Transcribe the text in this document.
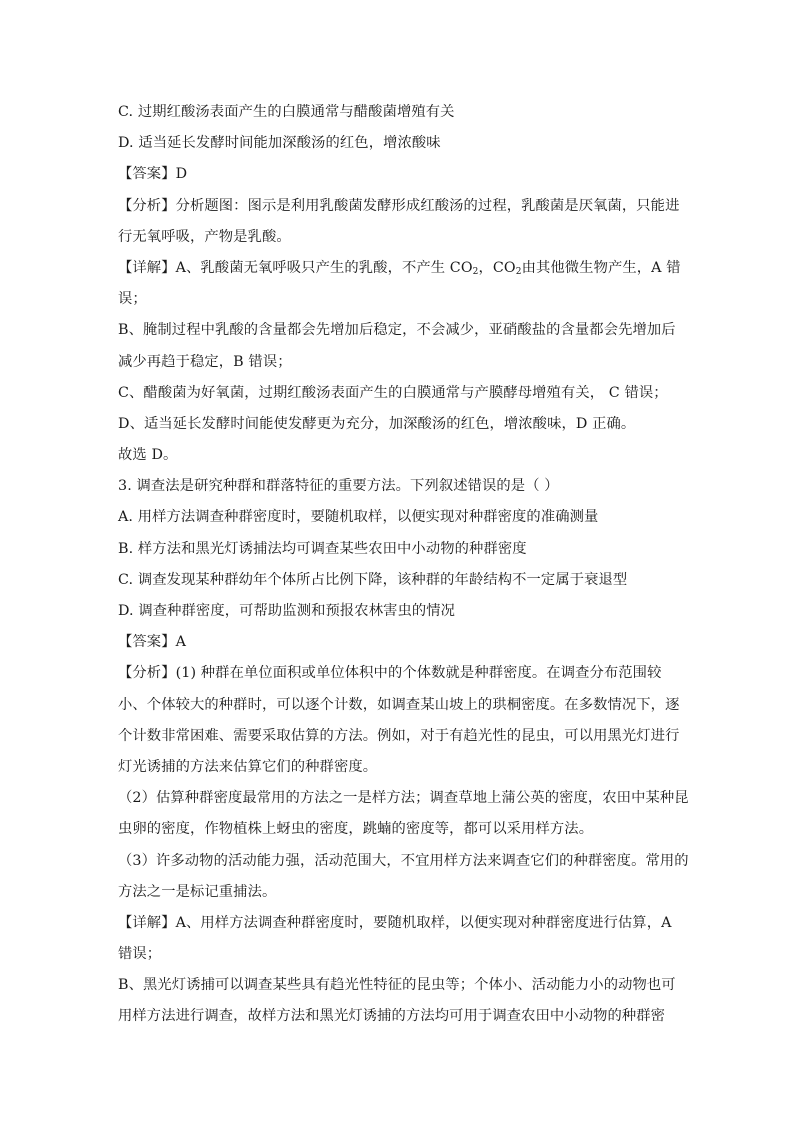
C. 过期红酸汤表面产生的白膜通常与醋酸菌增殖有关

D. 适当延长发酵时间能加深酸汤的红色，增浓酸味

【答案】D

【分析】分析题图：图示是利用乳酸菌发酵形成红酸汤的过程，乳酸菌是厌氧菌，只能进

行无氧呼吸，产物是乳酸。

【详解】A、乳酸菌无氧呼吸只产生的乳酸，不产生 $CO_2$，$CO_2$由其他微生物产生，A 错

误；

B、腌制过程中乳酸的含量都会先增加后稳定，不会减少，亚硝酸盐的含量都会先增加后

减少再趋于稳定，B 错误；

C、醋酸菌为好氧菌，过期红酸汤表面产生的白膜通常与产膜酵母增殖有关， C 错误；

D、适当延长发酵时间能使发酵更为充分，加深酸汤的红色，增浓酸味，D 正确。

故选 D。

3. 调查法是研究种群和群落特征的重要方法。下列叙述错误的是（ ）

A. 用样方法调查种群密度时，要随机取样，以便实现对种群密度的准确测量

B. 样方法和黑光灯诱捕法均可调查某些农田中小动物的种群密度

C. 调查发现某种群幼年个体所占比例下降，该种群的年龄结构不一定属于衰退型

D. 调查种群密度，可帮助监测和预报农林害虫的情况

【答案】A

【分析】(1) 种群在单位面积或单位体积中的个体数就是种群密度。在调查分布范围较

小、个体较大的种群时，可以逐个计数，如调查某山坡上的珙桐密度。在多数情况下，逐

个计数非常困难、需要采取估算的方法。例如，对于有趋光性的昆虫，可以用黑光灯进行

灯光诱捕的方法来估算它们的种群密度。

（2）估算种群密度最常用的方法之一是样方法；调查草地上蒲公英的密度，农田中某种昆

虫卵的密度，作物植株上蚜虫的密度，跳蝻的密度等，都可以采用样方法。

（3）许多动物的活动能力强，活动范围大，不宜用样方法来调查它们的种群密度。常用的

方法之一是标记重捕法。

【详解】A、用样方法调查种群密度时，要随机取样，以便实现对种群密度进行估算，A

错误；

B、黑光灯诱捕可以调查某些具有趋光性特征的昆虫等；个体小、活动能力小的动物也可

用样方法进行调查，故样方法和黑光灯诱捕的方法均可用于调查农田中小动物的种群密
